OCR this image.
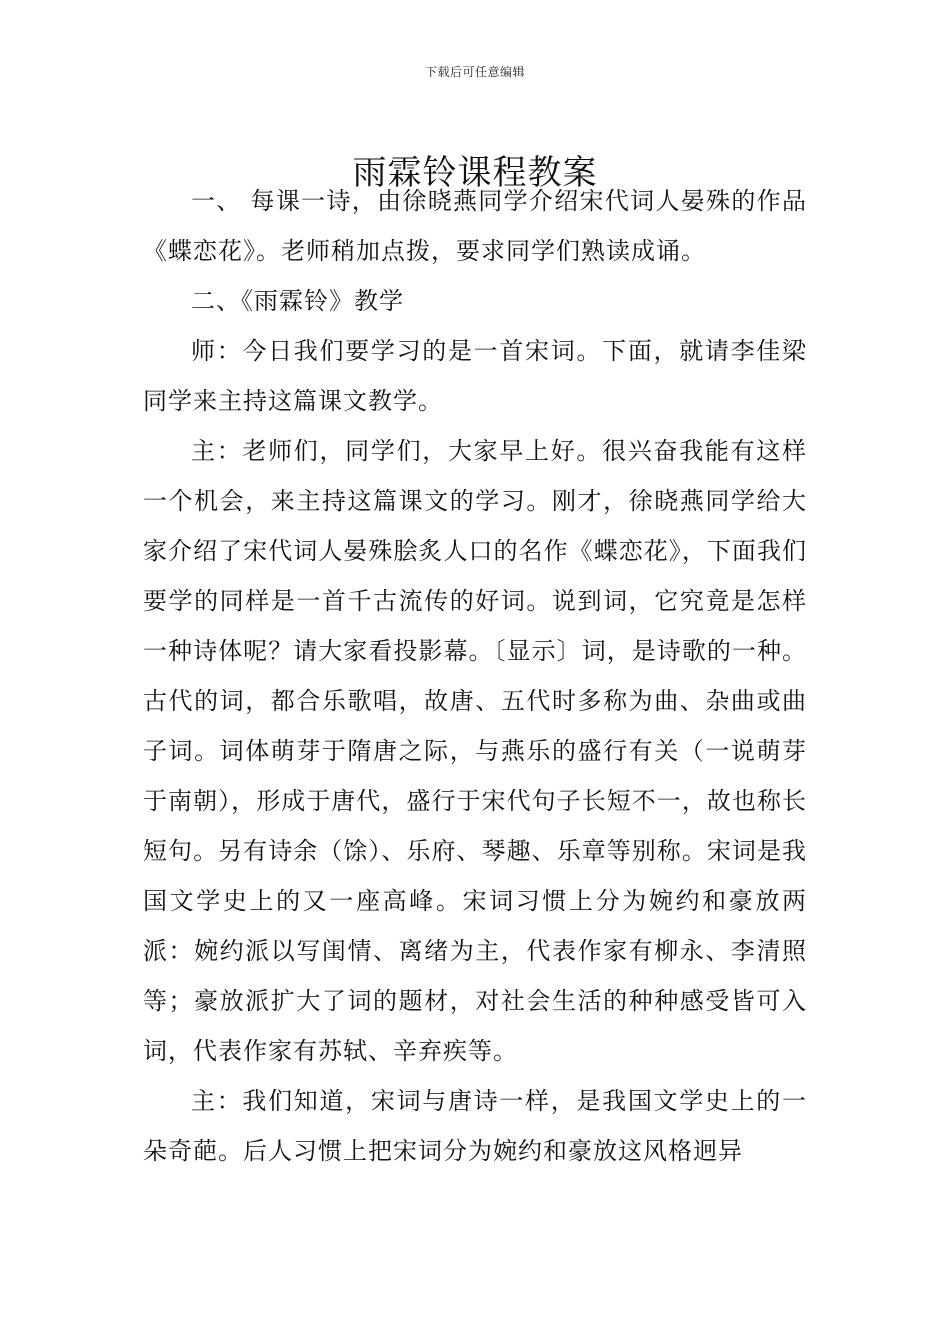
下载后可任意编辑
雨霖铃课程教案

一、 每课一诗，由徐晓燕同学介绍宋代词人晏殊的作品《蝶恋花》。老师稍加点拨，要求同学们熟读成诵。

二、《雨霖铃》教学

师：今日我们要学习的是一首宋词。下面，就请李佳梁同学来主持这篇课文教学。

主：老师们，同学们，大家早上好。很兴奋我能有这样一个机会，来主持这篇课文的学习。刚才，徐晓燕同学给大家介绍了宋代词人晏殊脍炙人口的名作《蝶恋花》，下面我们要学的同样是一首千古流传的好词。说到词，它究竟是怎样一种诗体呢？请大家看投影幕。〔显示〕词，是诗歌的一种。古代的词，都合乐歌唱，故唐、五代时多称为曲、杂曲或曲子词。词体萌芽于隋唐之际，与燕乐的盛行有关（一说萌芽于南朝），形成于唐代，盛行于宋代句子长短不一，故也称长短句。另有诗余（馀）、乐府、琴趣、乐章等别称。宋词是我国文学史上的又一座高峰。宋词习惯上分为婉约和豪放两派：婉约派以写闺情、离绪为主，代表作家有柳永、李清照等；豪放派扩大了词的题材，对社会生活的种种感受皆可入词，代表作家有苏轼、辛弃疾等。

主：我们知道，宋词与唐诗一样，是我国文学史上的一朵奇葩。后人习惯上把宋词分为婉约和豪放这风格迥异
